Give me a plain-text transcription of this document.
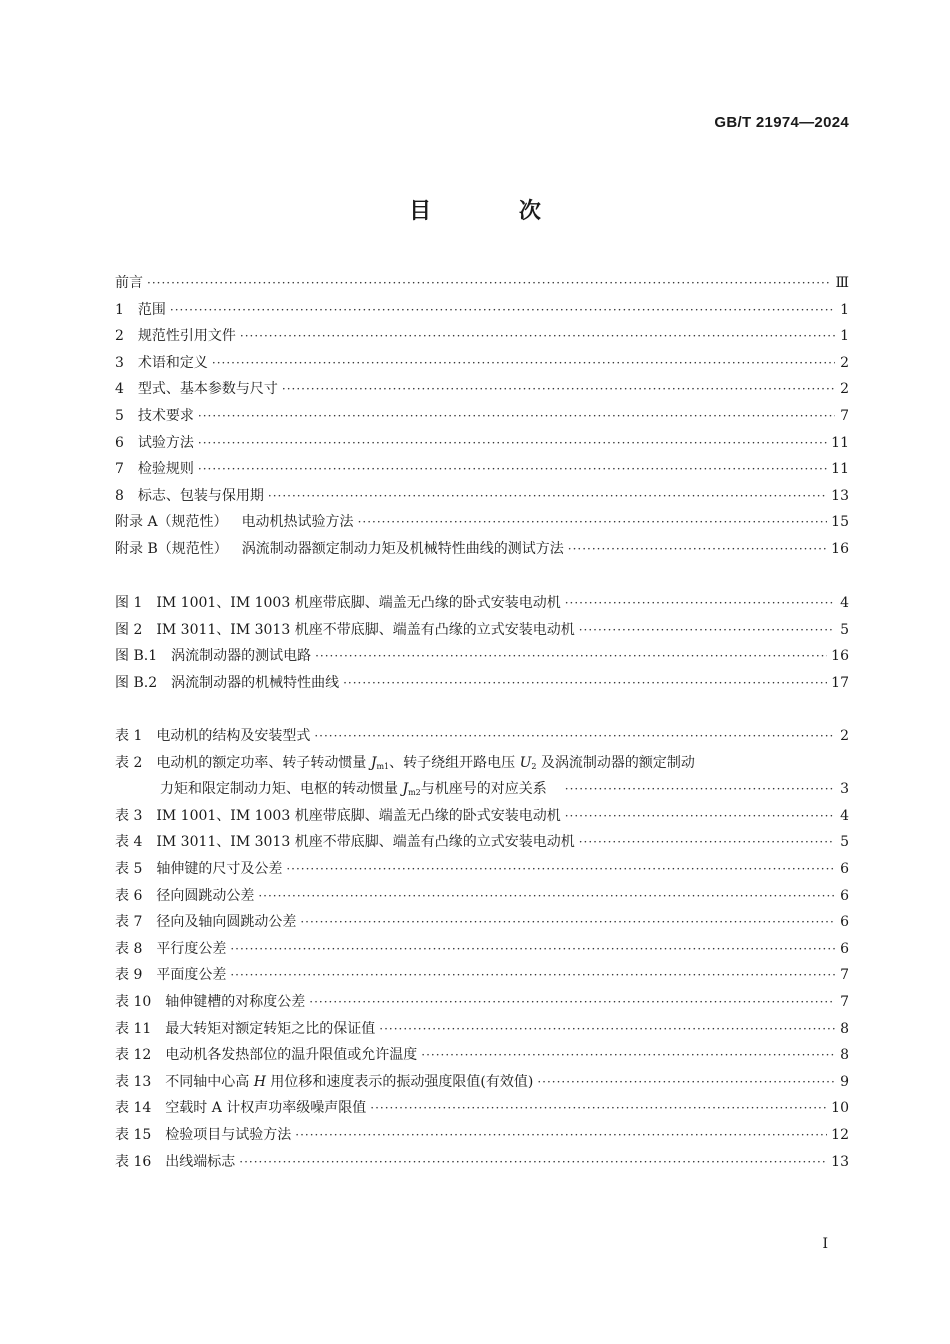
GB/T 21974—2024
目 次
前言 ·····	Ⅲ
1 范围 ·····	1
2 规范性引用文件 ·····	1
3 术语和定义 ·····	2
4 型式、基本参数与尺寸 ·····	2
5 技术要求 ·····	7
6 试验方法 ·····	11
7 检验规则 ·····	11
8 标志、包装与保用期 ·····	13
附录 A（规范性） 电动机热试验方法 ·····	15
附录 B（规范性） 涡流制动器额定制动力矩及机械特性曲线的测试方法 ·····	16
图 1 IM 1001、IM 1003 机座带底脚、端盖无凸缘的卧式安装电动机 ·····	4
图 2 IM 3011、IM 3013 机座不带底脚、端盖有凸缘的立式安装电动机 ·····	5
图 B.1 涡流制动器的测试电路 ·····	16
图 B.2 涡流制动器的机械特性曲线 ·····	17
表 1 电动机的结构及安装型式 ·····	2
表 2 电动机的额定功率、转子转动惯量 $J_{m1}$、转子绕组开路电压 $U_2$ 及涡流制动器的额定制动
力矩和限定制动力矩、电枢的转动惯量 $J_{m2}$与机座号的对应关系 ·····	3
表 3 IM 1001、IM 1003 机座带底脚、端盖无凸缘的卧式安装电动机 ·····	4
表 4 IM 3011、IM 3013 机座不带底脚、端盖有凸缘的立式安装电动机 ·····	5
表 5 轴伸键的尺寸及公差 ·····	6
表 6 径向圆跳动公差 ·····	6
表 7 径向及轴向圆跳动公差 ·····	6
表 8 平行度公差 ·····	6
表 9 平面度公差 ·····	7
表 10 轴伸键槽的对称度公差 ·····	7
表 11 最大转矩对额定转矩之比的保证值 ·····	8
表 12 电动机各发热部位的温升限值或允许温度 ·····	8
表 13 不同轴中心高 H 用位移和速度表示的振动强度限值(有效值) ·····	9
表 14 空载时 A 计权声功率级噪声限值 ·····	10
表 15 检验项目与试验方法 ·····	12
表 16 出线端标志 ·····	13
I
